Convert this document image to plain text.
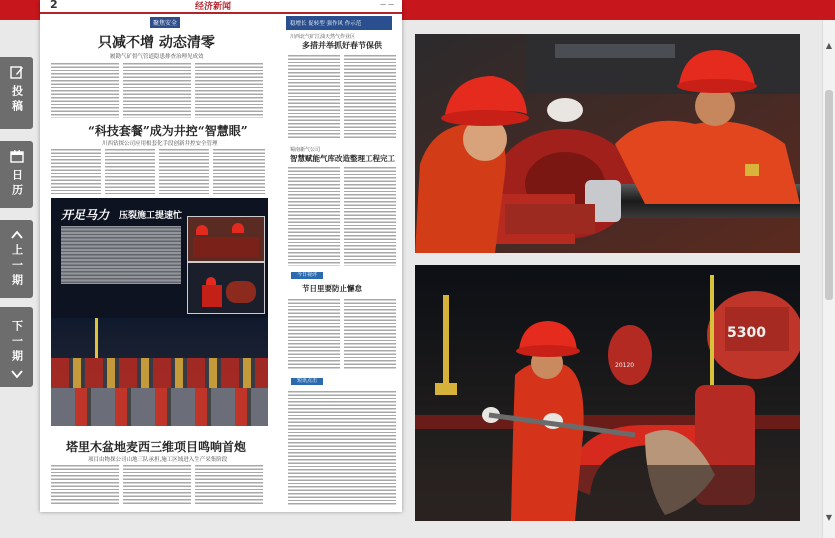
投稿
日历
上一期
下一期
2	经济新闻	— —
聚焦安全	稳增长 促转型 强作风 作示范
只减不增 动态清零
履勘气矿督气管道隐患排查治理见成效
“科技套餐”成为井控“智慧眼”
川西钻探公司应用根套化手段创新井控安全管理
开足马力 压裂施工提速忙
塔里木盆地麦西三维项目鸣响首炮
项目由物探公司山地三队承担,施工区域进入生产采集阶段
川西北气矿江油天然气作业区
多措并举抓好春节保供
蜀南新气公司
智慧赋能气库改造整理工程完工
今日视评
节日里要防止懈怠
短讯点击
5300
20120
▲
▼
